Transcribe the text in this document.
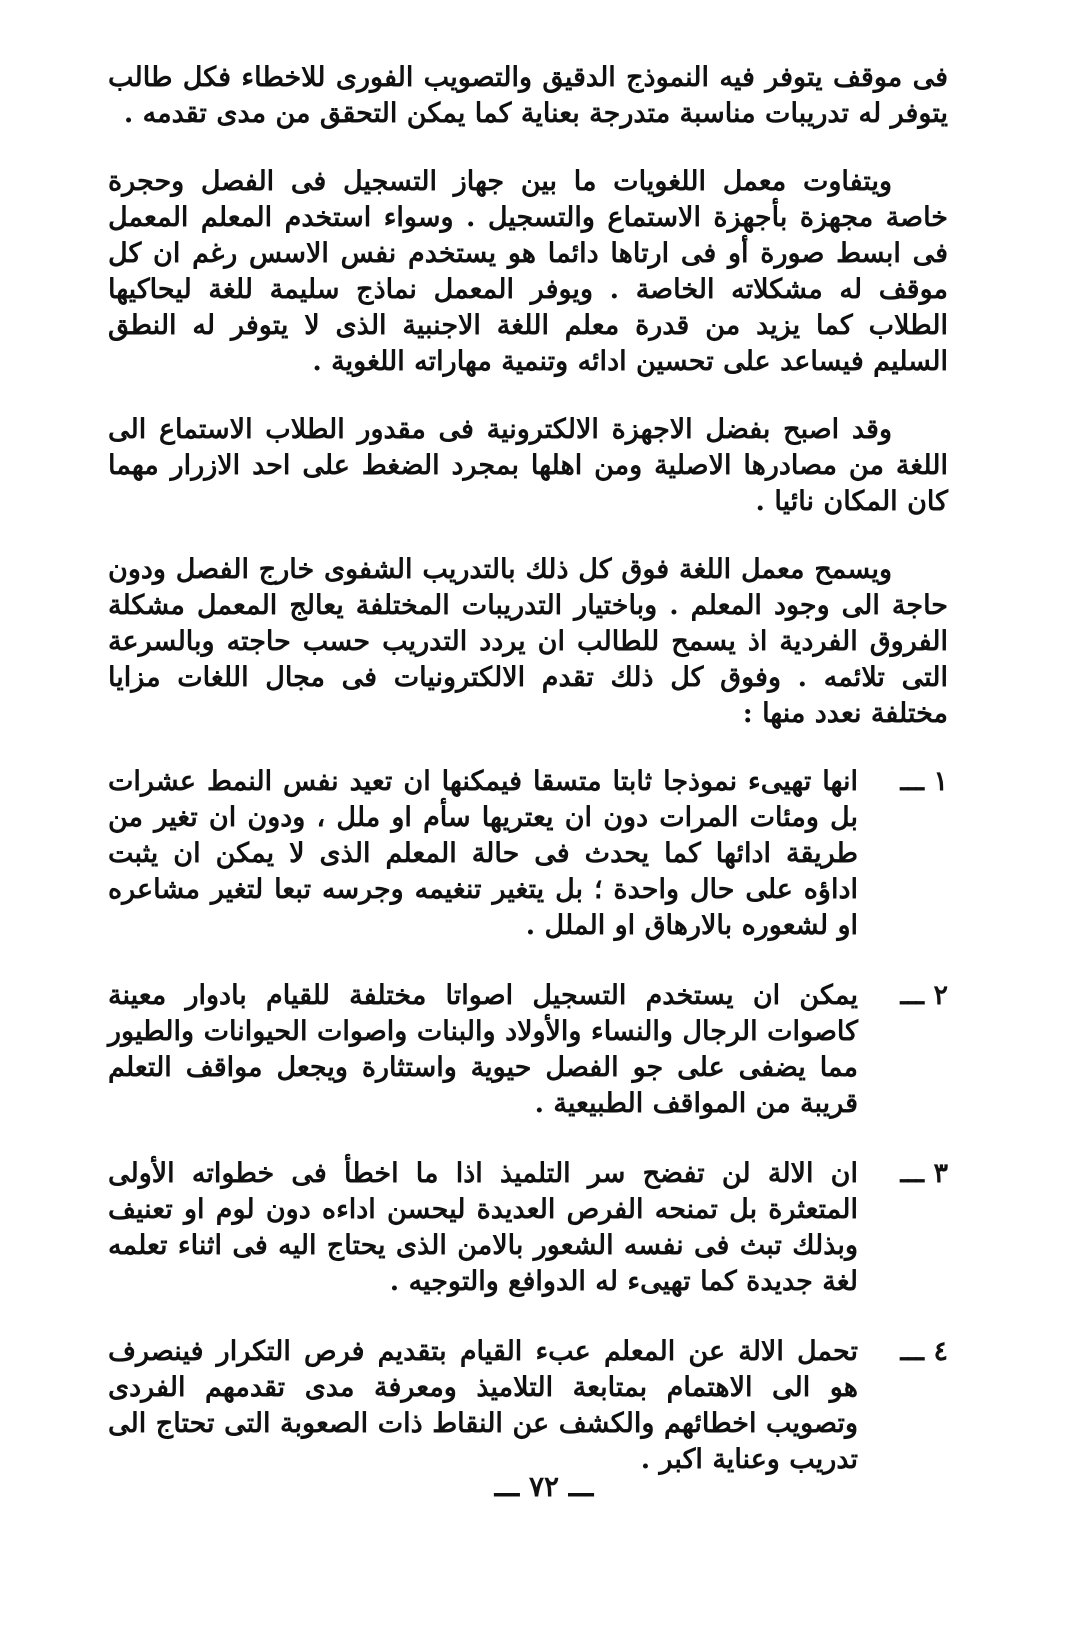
فى موقف يتوفر فيه النموذج الدقيق والتصويب الفورى للاخطاء فكل طالب يتوفر له تدريبات مناسبة متدرجة بعناية كما يمكن التحقق من مدى تقدمه .

ويتفاوت معمل اللغويات ما بين جهاز التسجيل فى الفصل وحجرة خاصة مجهزة بأجهزة الاستماع والتسجيل . وسواء استخدم المعلم المعمل فى ابسط صورة أو فى ارتاها دائما هو يستخدم نفس الاسس رغم ان كل موقف له مشكلاته الخاصة . ويوفر المعمل نماذج سليمة للغة ليحاكيها الطلاب كما يزيد من قدرة معلم اللغة الاجنبية الذى لا يتوفر له النطق السليم فيساعد على تحسين ادائه وتنمية مهاراته اللغوية .

وقد اصبح بفضل الاجهزة الالكترونية فى مقدور الطلاب الاستماع الى اللغة من مصادرها الاصلية ومن اهلها بمجرد الضغط على احد الازرار مهما كان المكان نائيا .

ويسمح معمل اللغة فوق كل ذلك بالتدريب الشفوى خارج الفصل ودون حاجة الى وجود المعلم . وباختيار التدريبات المختلفة يعالج المعمل مشكلة الفروق الفردية اذ يسمح للطالب ان يردد التدريب حسب حاجته وبالسرعة التى تلائمه . وفوق كل ذلك تقدم الالكترونيات فى مجال اللغات مزايا مختلفة نعدد منها :

١ ـــ
انها تهيىء نموذجا ثابتا متسقا فيمكنها ان تعيد نفس النمط عشرات بل ومئات المرات دون ان يعتريها سأم او ملل ، ودون ان تغير من طريقة ادائها كما يحدث فى حالة المعلم الذى لا يمكن ان يثبت اداؤه على حال واحدة ؛ بل يتغير تنغيمه وجرسه تبعا لتغير مشاعره او لشعوره بالارهاق او الملل .
٢ ـــ
يمكن ان يستخدم التسجيل اصواتا مختلفة للقيام بادوار معينة كاصوات الرجال والنساء والأولاد والبنات واصوات الحيوانات والطيور مما يضفى على جو الفصل حيوية واستثارة ويجعل مواقف التعلم قريبة من المواقف الطبيعية .
٣ ـــ
ان الالة لن تفضح سر التلميذ اذا ما اخطأ فى خطواته الأولى المتعثرة بل تمنحه الفرص العديدة ليحسن اداءه دون لوم او تعنيف وبذلك تبث فى نفسه الشعور بالامن الذى يحتاج اليه فى اثناء تعلمه لغة جديدة كما تهيىء له الدوافع والتوجيه .
٤ ـــ
تحمل الالة عن المعلم عبء القيام بتقديم فرص التكرار فينصرف هو الى الاهتمام بمتابعة التلاميذ ومعرفة مدى تقدمهم الفردى وتصويب اخطائهم والكشف عن النقاط ذات الصعوبة التى تحتاج الى تدريب وعناية اكبر .
ـــ ٧٢ ـــ
